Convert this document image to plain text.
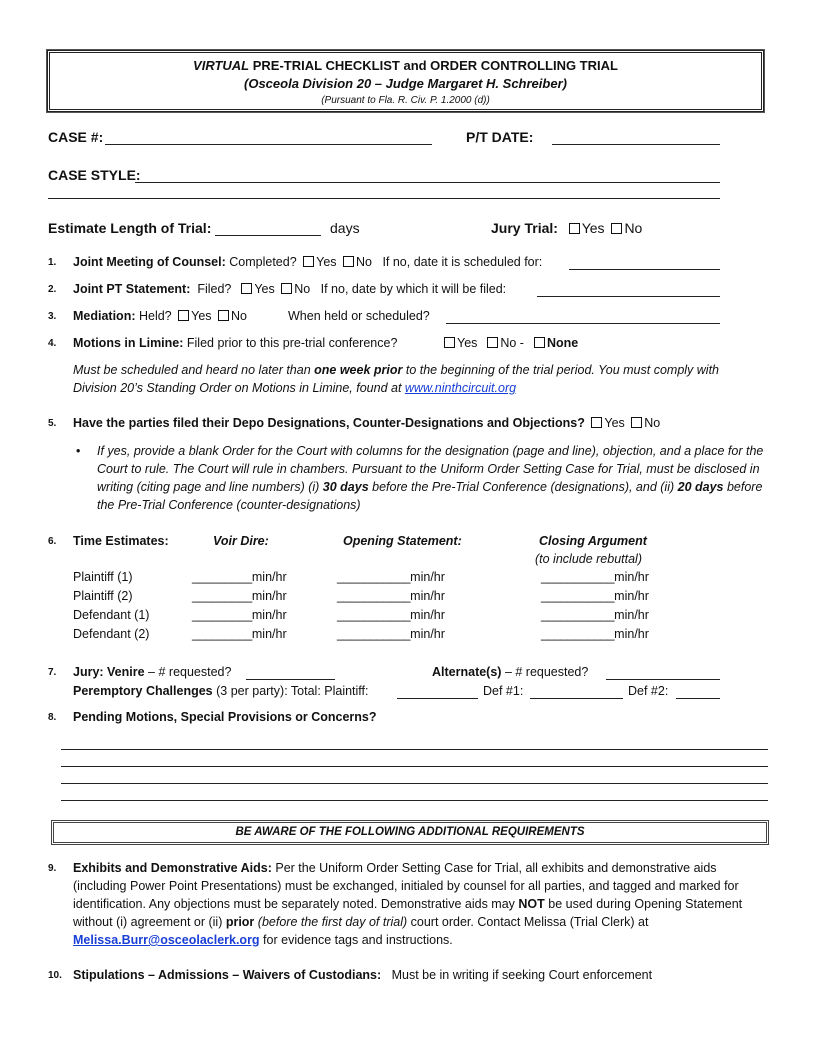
VIRTUAL PRE-TRIAL CHECKLIST and ORDER CONTROLLING TRIAL
(Osceola Division 20 – Judge Margaret H. Schreiber)
(Pursuant to Fla. R. Civ. P. 1.2000 (d))
CASE #:	P/T DATE:
CASE STYLE:
Estimate Length of Trial:	days	Jury Trial: Yes No
1. Joint Meeting of Counsel: Completed? Yes No If no, date it is scheduled for:
2. Joint PT Statement:  Filed? Yes No If no, date by which it will be filed:
3. Mediation: Held? Yes No	When held or scheduled?
4. Motions in Limine: Filed prior to this pre-trial conference?	Yes No - None
Must be scheduled and heard no later than one week prior to the beginning of the trial period. You must comply with
Division 20’s Standing Order on Motions in Limine, found at www.ninthcircuit.org
5. Have the parties filed their Depo Designations, Counter-Designations and Objections? Yes No
• If yes, provide a blank Order for the Court with columns for the designation (page and line), objection, and a place for the Court to rule. The Court will rule in chambers. Pursuant to the Uniform Order Setting Case for Trial, must be disclosed in writing (citing page and line numbers) (i) 30 days before the Pre-Trial Conference (designations), and (ii) 20 days before the Pre-Trial Conference (counter-designations)
6. Time Estimates:	Voir Dire:	Opening Statement:	Closing Argument
(to include rebuttal)
Plaintiff (1)	_________min/hr	___________min/hr	___________min/hr
Plaintiff (2)	_________min/hr	___________min/hr	___________min/hr
Defendant (1)	_________min/hr	___________min/hr	___________min/hr
Defendant (2)	_________min/hr	___________min/hr	___________min/hr
7. Jury: Venire – # requested?	Alternate(s) – # requested?
Peremptory Challenges (3 per party): Total: Plaintiff:	Def #1:	Def #2:
8. Pending Motions, Special Provisions or Concerns?
BE AWARE OF THE FOLLOWING ADDITIONAL REQUIREMENTS
9. Exhibits and Demonstrative Aids: Per the Uniform Order Setting Case for Trial, all exhibits and demonstrative aids (including Power Point Presentations) must be exchanged, initialed by counsel for all parties, and tagged and marked for identification. Any objections must be separately noted. Demonstrative aids may NOT be used during Opening Statement without (i) agreement or (ii) prior (before the first day of trial) court order. Contact Melissa (Trial Clerk) at Melissa.Burr@osceolaclerk.org for evidence tags and instructions.
10. Stipulations – Admissions – Waivers of Custodians:   Must be in writing if seeking Court enforcement
